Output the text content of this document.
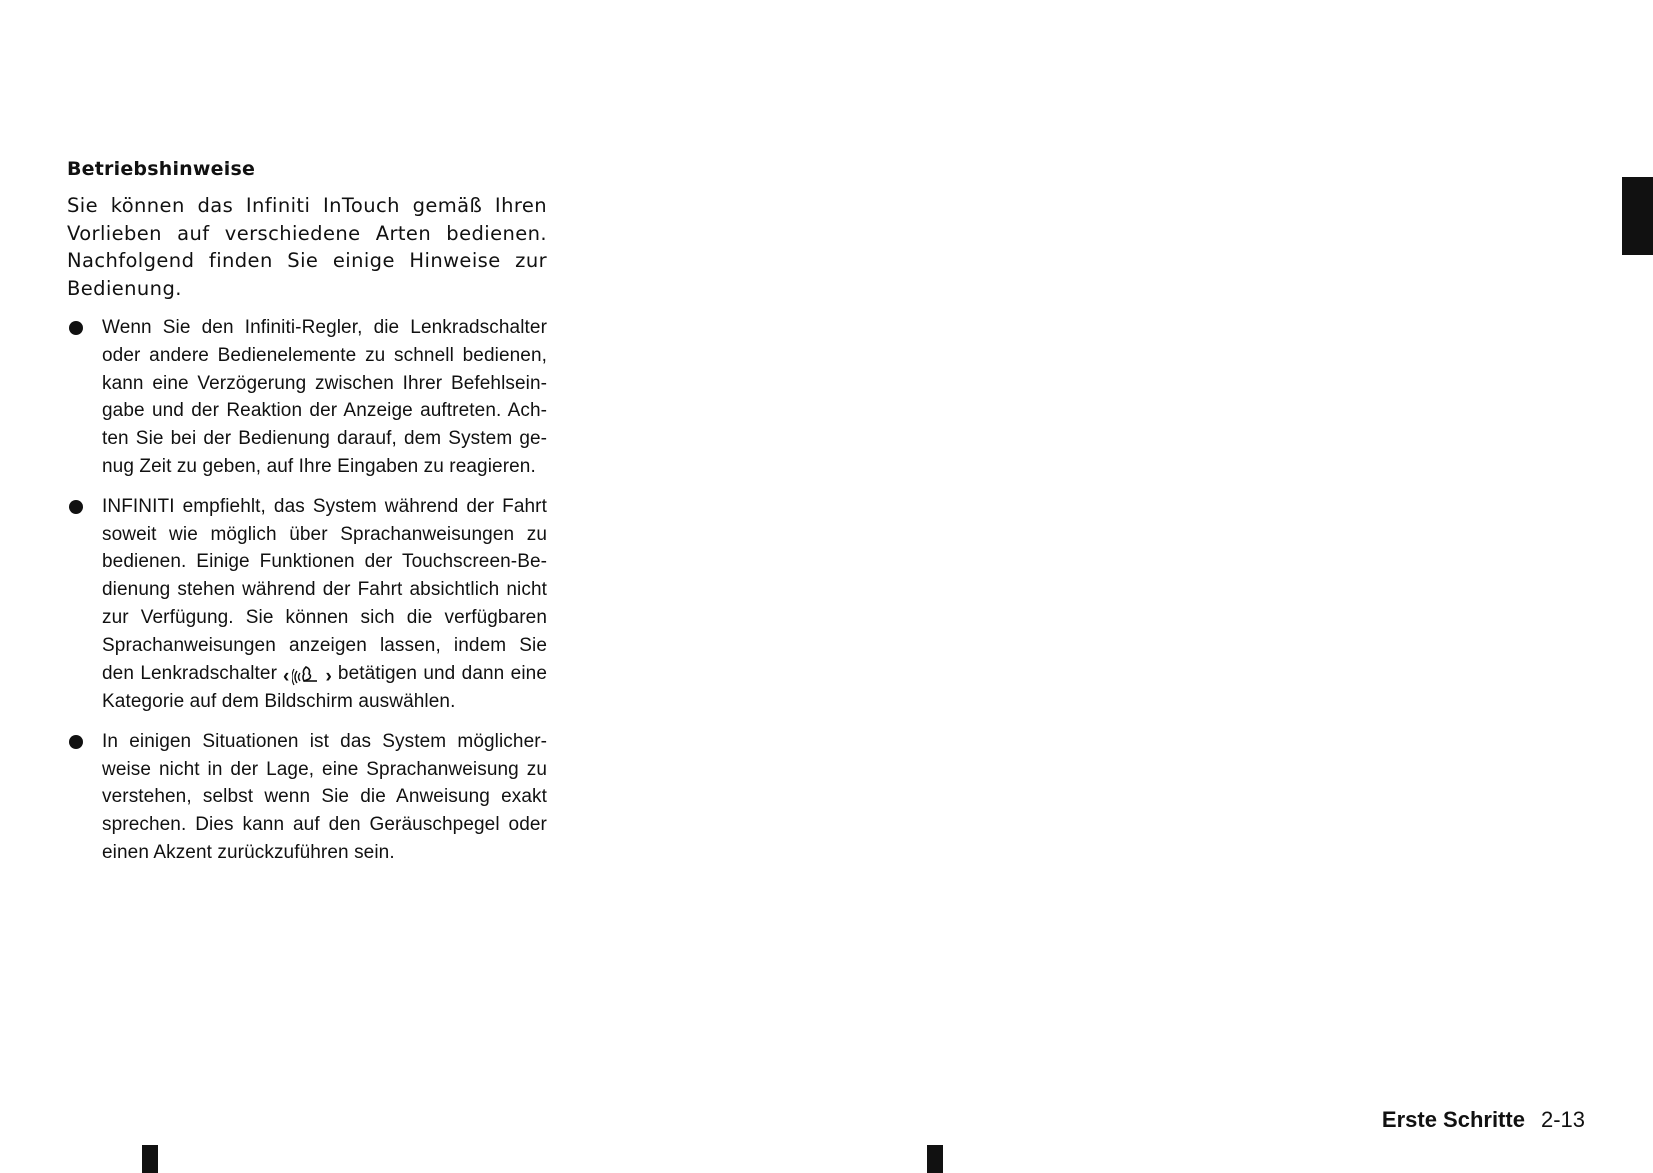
Betriebshinweise

Sie können das Infiniti InTouch gemäß Ihren Vorlieben auf verschiedene Arten bedienen. Nachfolgend finden Sie einige Hinweise zur Bedienung.

Wenn Sie den Infiniti-Regler, die Lenkradschalter oder andere Bedienelemente zu schnell bedienen, kann eine Verzögerung zwischen Ihrer Befehlseingabe und der Reaktion der Anzeige auftreten. Achten Sie bei der Bedienung darauf, dem System genug Zeit zu geben, auf Ihre Eingaben zu reagieren.
INFINITI empfiehlt, das System während der Fahrt soweit wie möglich über Sprachanweisungen zu bedienen. Einige Funktionen der Touchscreen-Bedienung stehen während der Fahrt absichtlich nicht zur Verfügung. Sie können sich die verfügbaren Sprachanweisungen anzeigen lassen, indem Sie den Lenkradschalter ‹ › betätigen und dann eine Kategorie auf dem Bildschirm auswählen.
In einigen Situationen ist das System möglicherweise nicht in der Lage, eine Sprachanweisung zu verstehen, selbst wenn Sie die Anweisung exakt sprechen. Dies kann auf den Geräuschpegel oder einen Akzent zurückzuführen sein.
Erste Schritte 2-13
